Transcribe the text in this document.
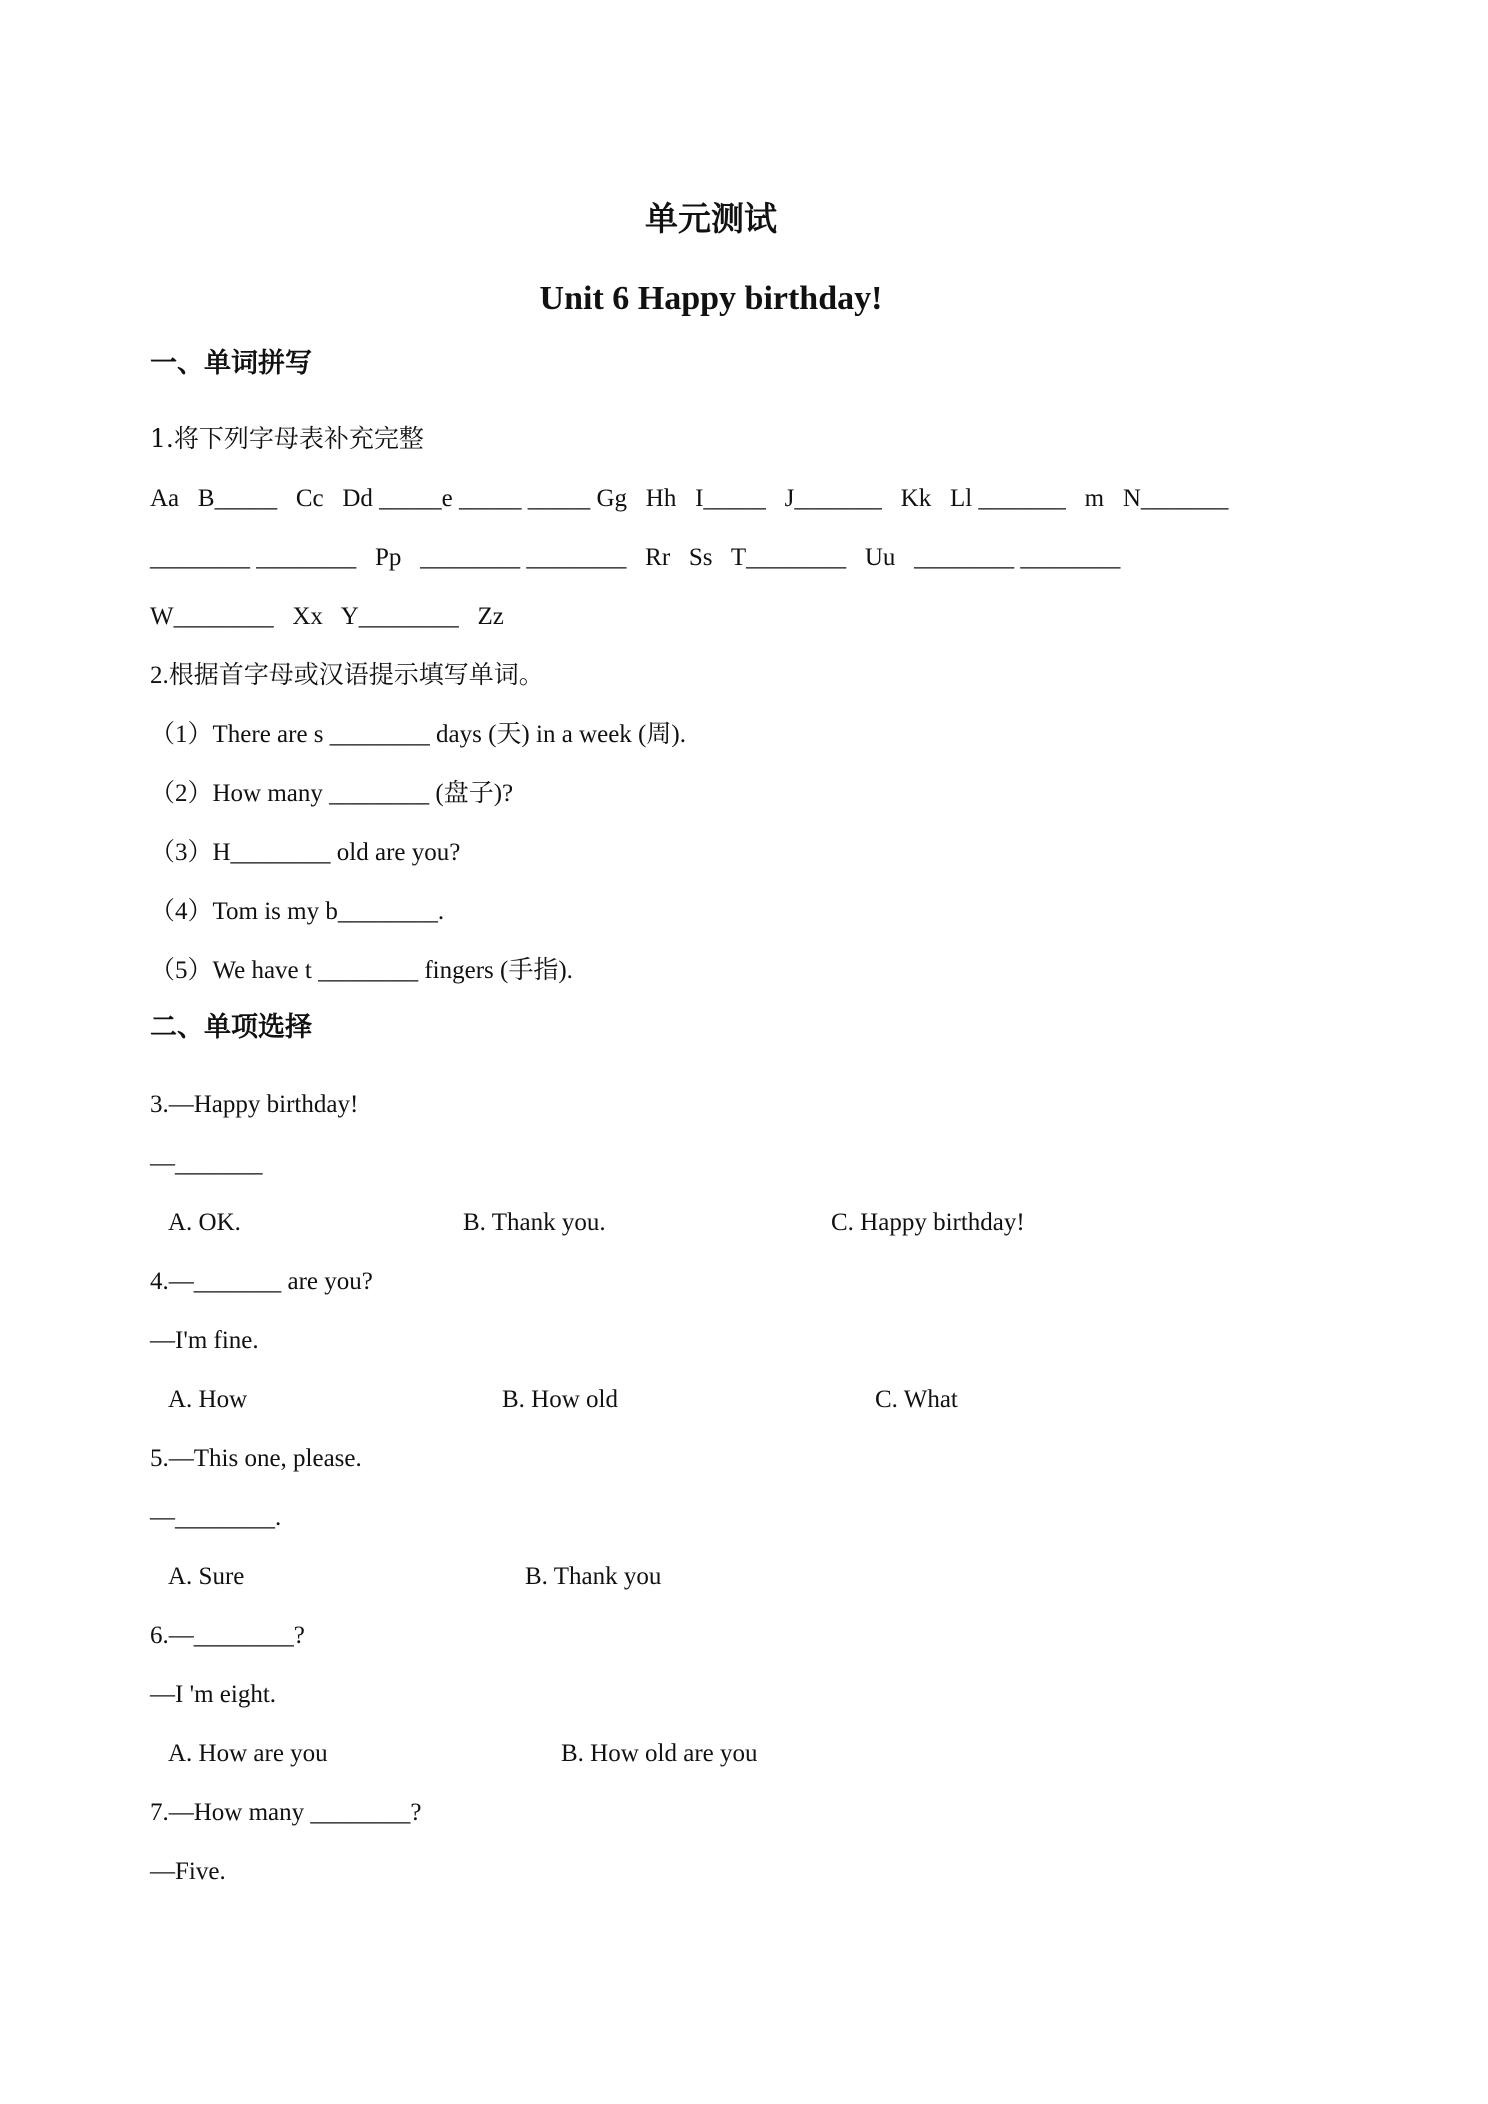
单元测试
Unit 6 Happy birthday!
一、单词拼写
1.将下列字母表补充完整
Aa   B_____   Cc   Dd _____e _____ _____ Gg   Hh   I_____   J_______   Kk   Ll _______   m   N_______
________ ________   Pp   ________ ________   Rr   Ss   T________   Uu   ________ ________
W________   Xx   Y________   Zz
2.根据首字母或汉语提示填写单词。
（1）There are s ________ days (天) in a week (周).
（2）How many ________ (盘子)?
（3）H________ old are you?
（4）Tom is my b________.
（5）We have t ________ fingers (手指).
二、单项选择
3.—Happy birthday!
—_______
A. OK.	B. Thank you.	C. Happy birthday!
4.—_______ are you?
—I'm fine.
A. How	B. How old	C. What
5.—This one, please.
—________.
A. Sure	B. Thank you
6.—________?
—I 'm eight.
A. How are you	B. How old are you
7.—How many ________?
—Five.
